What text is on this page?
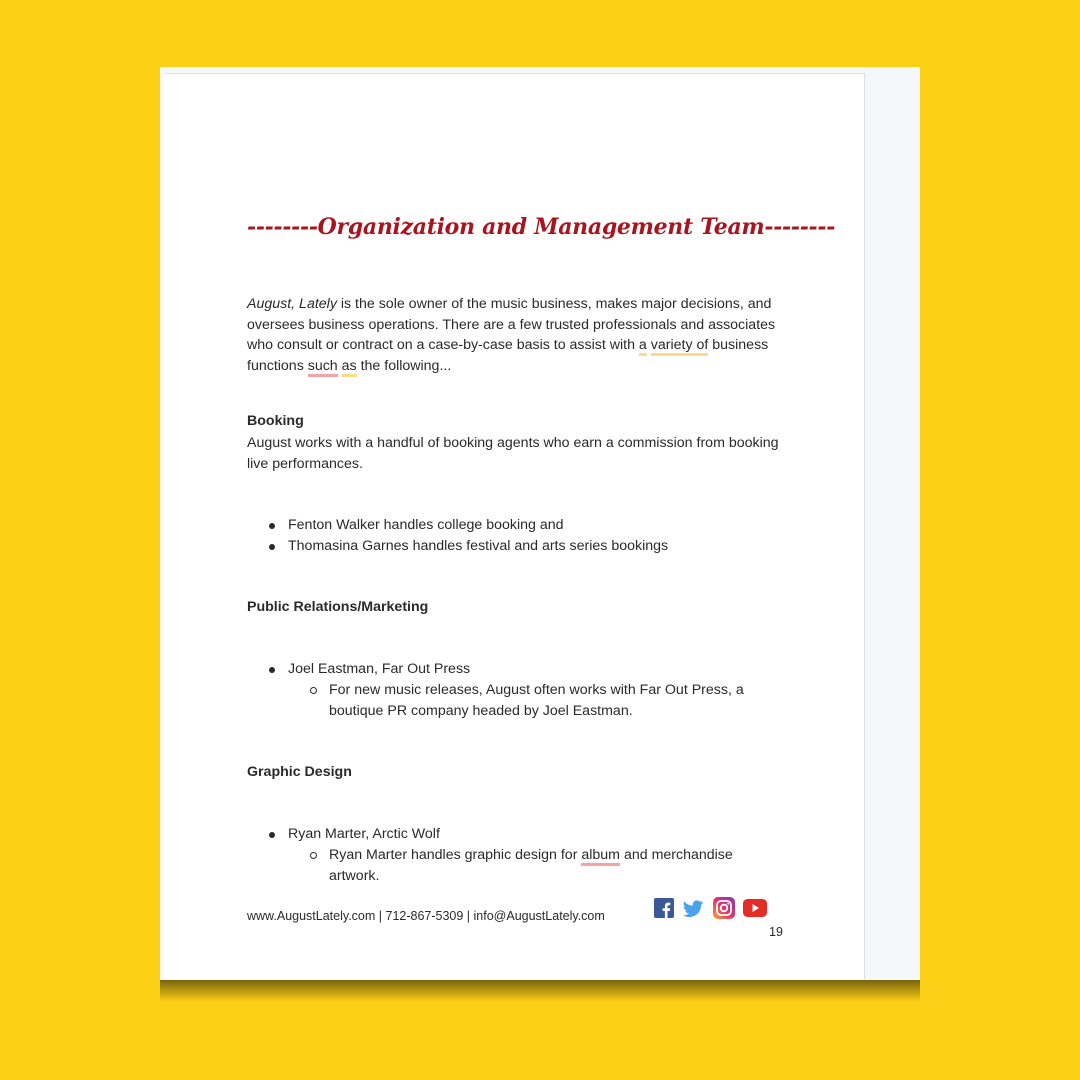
--------Organization and Management Team--------

August, Lately is the sole owner of the music business, makes major decisions, and oversees business operations. There are a few trusted professionals and associates who consult or contract on a case-by-case basis to assist with a variety of business functions such as the following...

Booking

August works with a handful of booking agents who earn a commission from booking live performances.

Fenton Walker handles college booking and
Thomasina Garnes handles festival and arts series bookings
Public Relations/Marketing
Joel Eastman, Far Out Press
For new music releases, August often works with Far Out Press, a boutique PR company headed by Joel Eastman.
Graphic Design
Ryan Marter, Arctic Wolf
Ryan Marter handles graphic design for album and merchandise artwork.
www.AugustLately.com | 712-867-5309 | info@AugustLately.com

19
